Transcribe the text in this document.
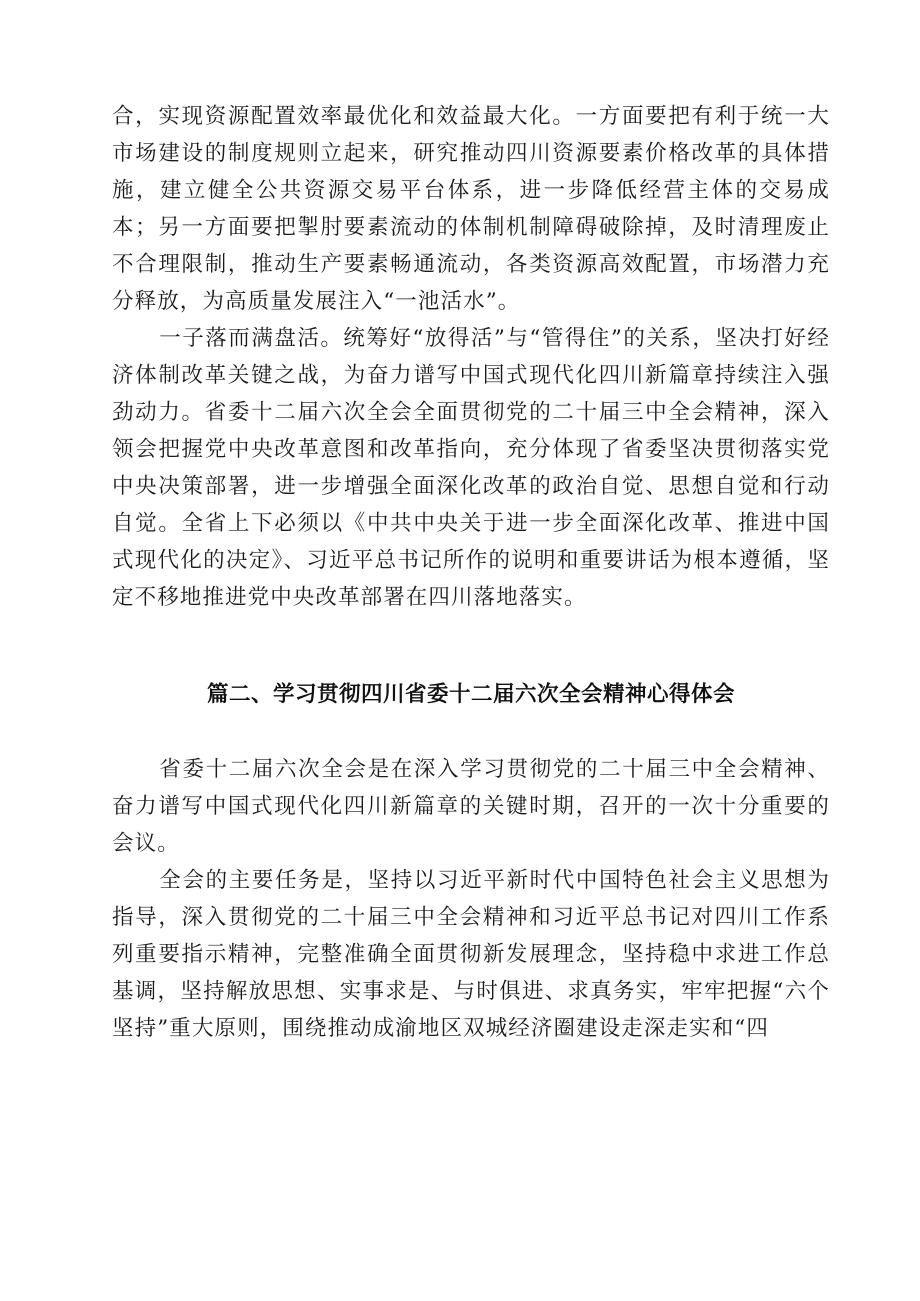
合，实现资源配置效率最优化和效益最大化。一方面要把有利于统一大市场建设的制度规则立起来，研究推动四川资源要素价格改革的具体措施，建立健全公共资源交易平台体系，进一步降低经营主体的交易成本；另一方面要把掣肘要素流动的体制机制障碍破除掉，及时清理废止不合理限制，推动生产要素畅通流动，各类资源高效配置，市场潜力充分释放，为高质量发展注入“一池活水”。

一子落而满盘活。统筹好“放得活”与“管得住”的关系，坚决打好经济体制改革关键之战，为奋力谱写中国式现代化四川新篇章持续注入强劲动力。省委十二届六次全会全面贯彻党的二十届三中全会精神，深入领会把握党中央改革意图和改革指向，充分体现了省委坚决贯彻落实党中央决策部署，进一步增强全面深化改革的政治自觉、思想自觉和行动自觉。全省上下必须以《中共中央关于进一步全面深化改革、推进中国式现代化的决定》、习近平总书记所作的说明和重要讲话为根本遵循，坚定不移地推进党中央改革部署在四川落地落实。

篇二、学习贯彻四川省委十二届六次全会精神心得体会

省委十二届六次全会是在深入学习贯彻党的二十届三中全会精神、奋力谱写中国式现代化四川新篇章的关键时期，召开的一次十分重要的会议。

全会的主要任务是，坚持以习近平新时代中国特色社会主义思想为指导，深入贯彻党的二十届三中全会精神和习近平总书记对四川工作系列重要指示精神，完整准确全面贯彻新发展理念，坚持稳中求进工作总基调，坚持解放思想、实事求是、与时俱进、求真务实，牢牢把握“六个坚持”重大原则，围绕推动成渝地区双城经济圈建设走深走实和“四
